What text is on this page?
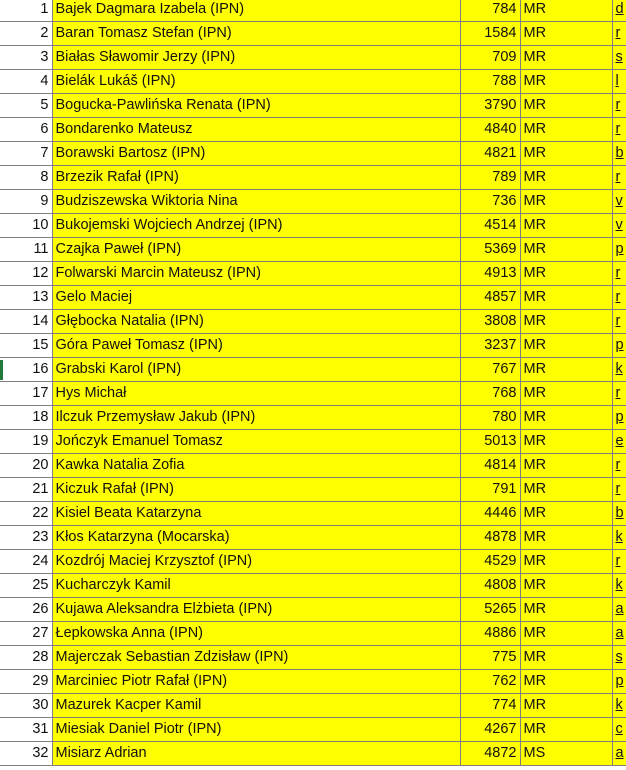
1	Bajek Dagmara Izabela (IPN)	784	MR	d
2	Baran Tomasz Stefan (IPN)	1584	MR	r
3	Białas Sławomir Jerzy (IPN)	709	MR	s
4	Bielák Lukáš (IPN)	788	MR	l
5	Bogucka-Pawlińska Renata (IPN)	3790	MR	r
6	Bondarenko Mateusz	4840	MR	r
7	Borawski Bartosz (IPN)	4821	MR	b
8	Brzezik Rafał (IPN)	789	MR	r
9	Budziszewska Wiktoria Nina	736	MR	v
10	Bukojemski Wojciech Andrzej (IPN)	4514	MR	v
11	Czajka Paweł (IPN)	5369	MR	p
12	Folwarski Marcin Mateusz (IPN)	4913	MR	r
13	Gelo Maciej	4857	MR	r
14	Głębocka Natalia (IPN)	3808	MR	r
15	Góra Paweł Tomasz (IPN)	3237	MR	p
16	Grabski Karol (IPN)	767	MR	k
17	Hys Michał	768	MR	r
18	Ilczuk Przemysław Jakub (IPN)	780	MR	p
19	Jończyk Emanuel Tomasz	5013	MR	e
20	Kawka Natalia Zofia	4814	MR	r
21	Kiczuk Rafał (IPN)	791	MR	r
22	Kisiel Beata Katarzyna	4446	MR	b
23	Kłos Katarzyna (Mocarska)	4878	MR	k
24	Kozdrój Maciej Krzysztof (IPN)	4529	MR	r
25	Kucharczyk Kamil	4808	MR	k
26	Kujawa Aleksandra Elżbieta (IPN)	5265	MR	a
27	Łepkowska Anna (IPN)	4886	MR	a
28	Majerczak Sebastian Zdzisław (IPN)	775	MR	s
29	Marciniec Piotr Rafał (IPN)	762	MR	p
30	Mazurek Kacper Kamil	774	MR	k
31	Miesiak Daniel Piotr (IPN)	4267	MR	c
32	Misiarz Adrian	4872	MS	a
